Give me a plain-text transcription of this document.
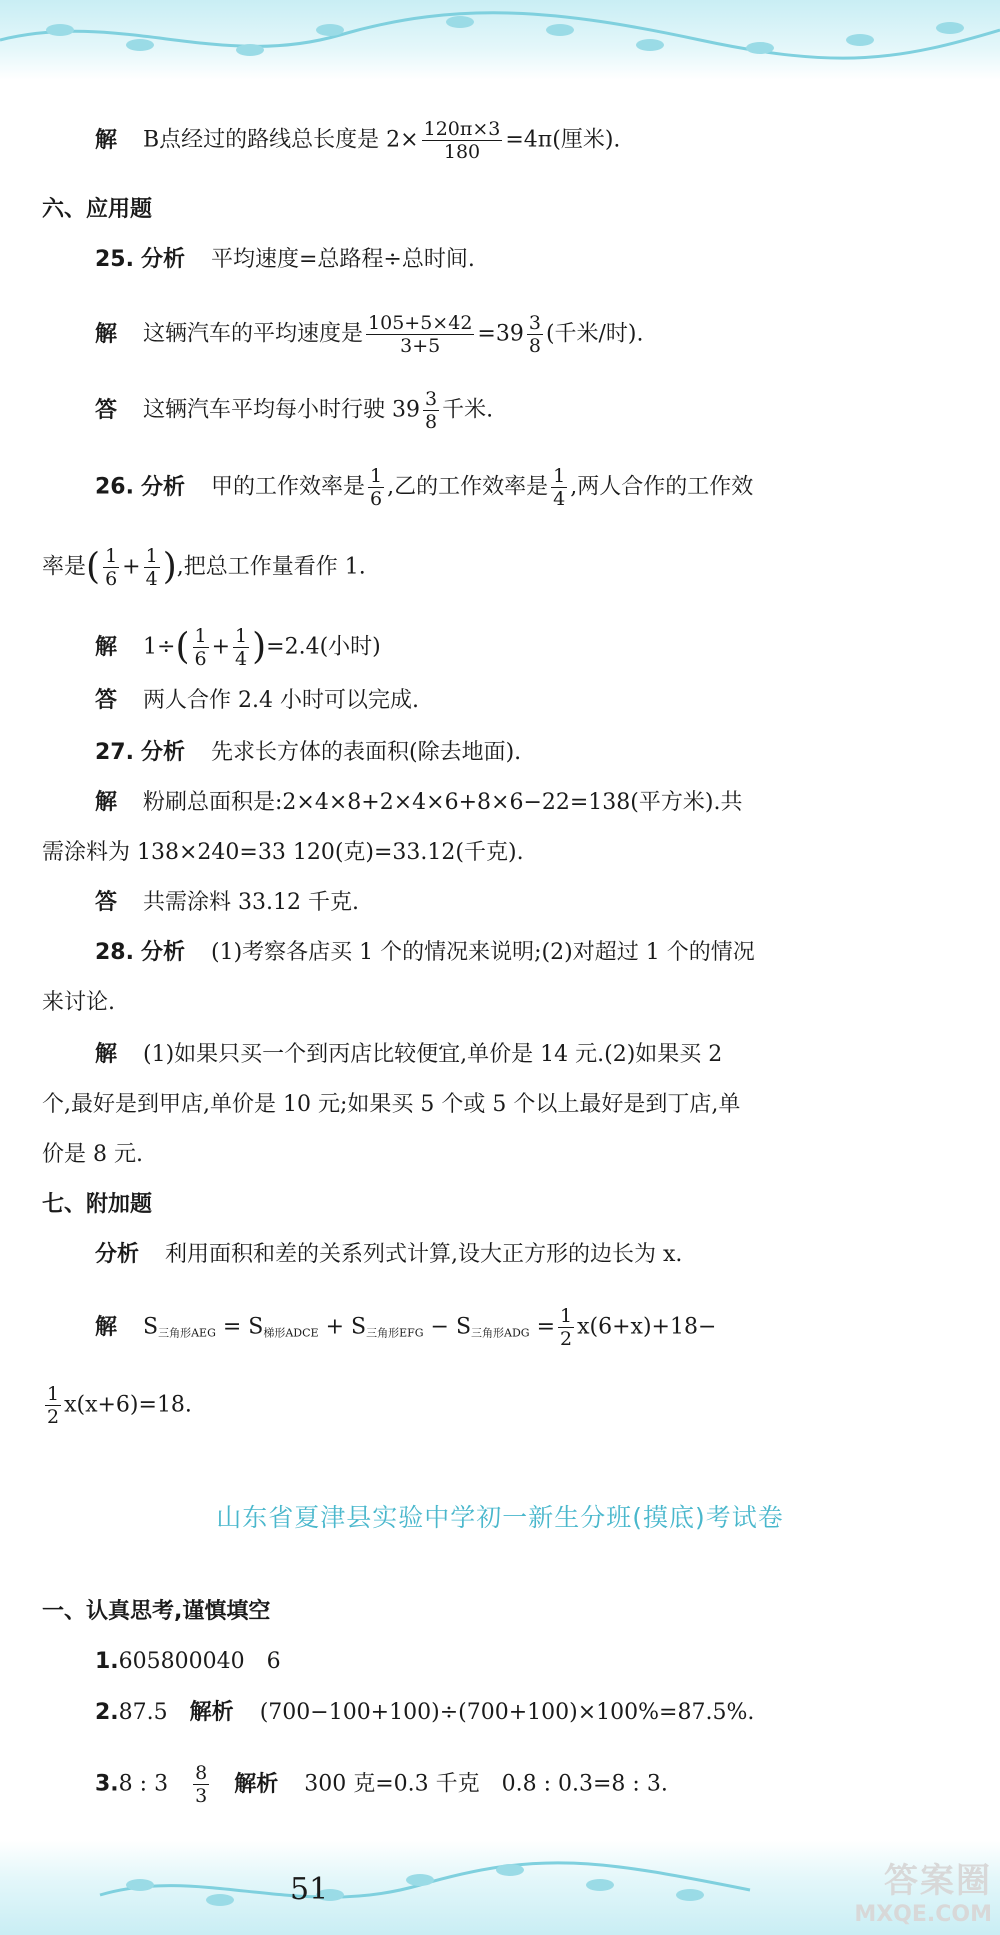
解 B点经过的路线总长度是 $2\times \frac{120\pi\times 3}{180} =4\pi$(厘米).
六、应用题
25. 分析 平均速度=总路程÷总时间.
解 这辆汽车的平均速度是 $\frac{105+5\times 42}{3+5} =39 \frac{3}{8}$ (千米/时).
答 这辆汽车平均每小时行驶 $39 \frac{3}{8}$ 千米.
26. 分析 甲的工作效率是 $\frac{1}{6}$ ,乙的工作效率是 $\frac{1}{4}$ ,两人合作的工作效
率是( $\frac{1}{6} + \frac{1}{4}$ ),把总工作量看作 1.
解 $1\div( \frac{1}{6} + \frac{1}{4} )=2.4$(小时)
答 两人合作 2.4 小时可以完成.
27. 分析 先求长方体的表面积(除去地面).
解 粉刷总面积是:2×4×8+2×4×6+8×6−22=138(平方米).共
需涂料为 138×240=33 120(克)=33.12(千克).
答 共需涂料 33.12 千克.
28. 分析 (1)考察各店买 1 个的情况来说明;(2)对超过 1 个的情况
来讨论.
解 (1)如果只买一个到丙店比较便宜,单价是 14 元.(2)如果买 2
个,最好是到甲店,单价是 10 元;如果买 5 个或 5 个以上最好是到丁店,单
价是 8 元.
七、附加题
分析 利用面积和差的关系列式计算,设大正方形的边长为 x.
解 $S_{三角形AEG} = S_{梯形ADCE} + S_{三角形EFG} - S_{三角形ADG} = \frac{1}{2} x(6+x)+18-$
$\frac{1}{2} x(x+6)=18$.
山东省夏津县实验中学初一新生分班(摸底)考试卷
一、认真思考,谨慎填空
1.605800040　6
2.87.5　 解析 (700−100+100)÷(700+100)×100%=87.5%.
3.8 : 3　 $\frac{8}{3}$
　 解析 300 克=0.3 千克　0.8 : 0.3=8 : 3.
51	答案圈
MXQE.COM
